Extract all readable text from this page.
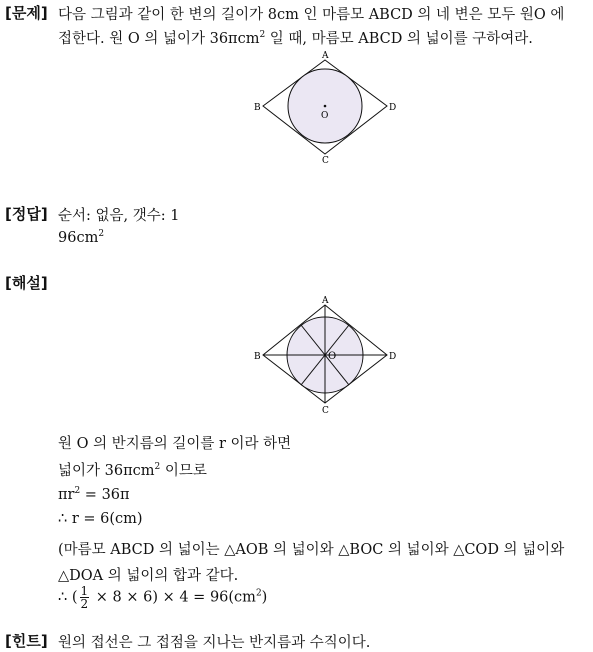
[문제] 다음 그림과 같이 한 변의 길이가 8cm 인 마름모 ABCD 의 네 변은 모두 원O 에
접한다. 원 O 의 넓이가 36πcm$^2$ 일 때, 마름모 ABCD 의 넓이를 구하여라.
A
B	D
C
O
[정답] 순서: 없음, 갯수: 1
$96cm^2$
[해설]
A
B	D
C
O
원 O 의 반지름의 길이를 r 이라 하면
넓이가 36πcm$^2$ 이므로
$\pi r^2 = 36\pi$
∴ r = 6(cm)
(마름모 ABCD 의 넓이는 △AOB 의 넓이와 △BOC 의 넓이와 △COD 의 넓이와
△DOA 의 넓이의 합과 같다.
∴ ( $\frac{1}{2} \times 8 \times 6) \times 4 = 96(cm^2)$
[힌트] 원의 접선은 그 접점을 지나는 반지름과 수직이다.
